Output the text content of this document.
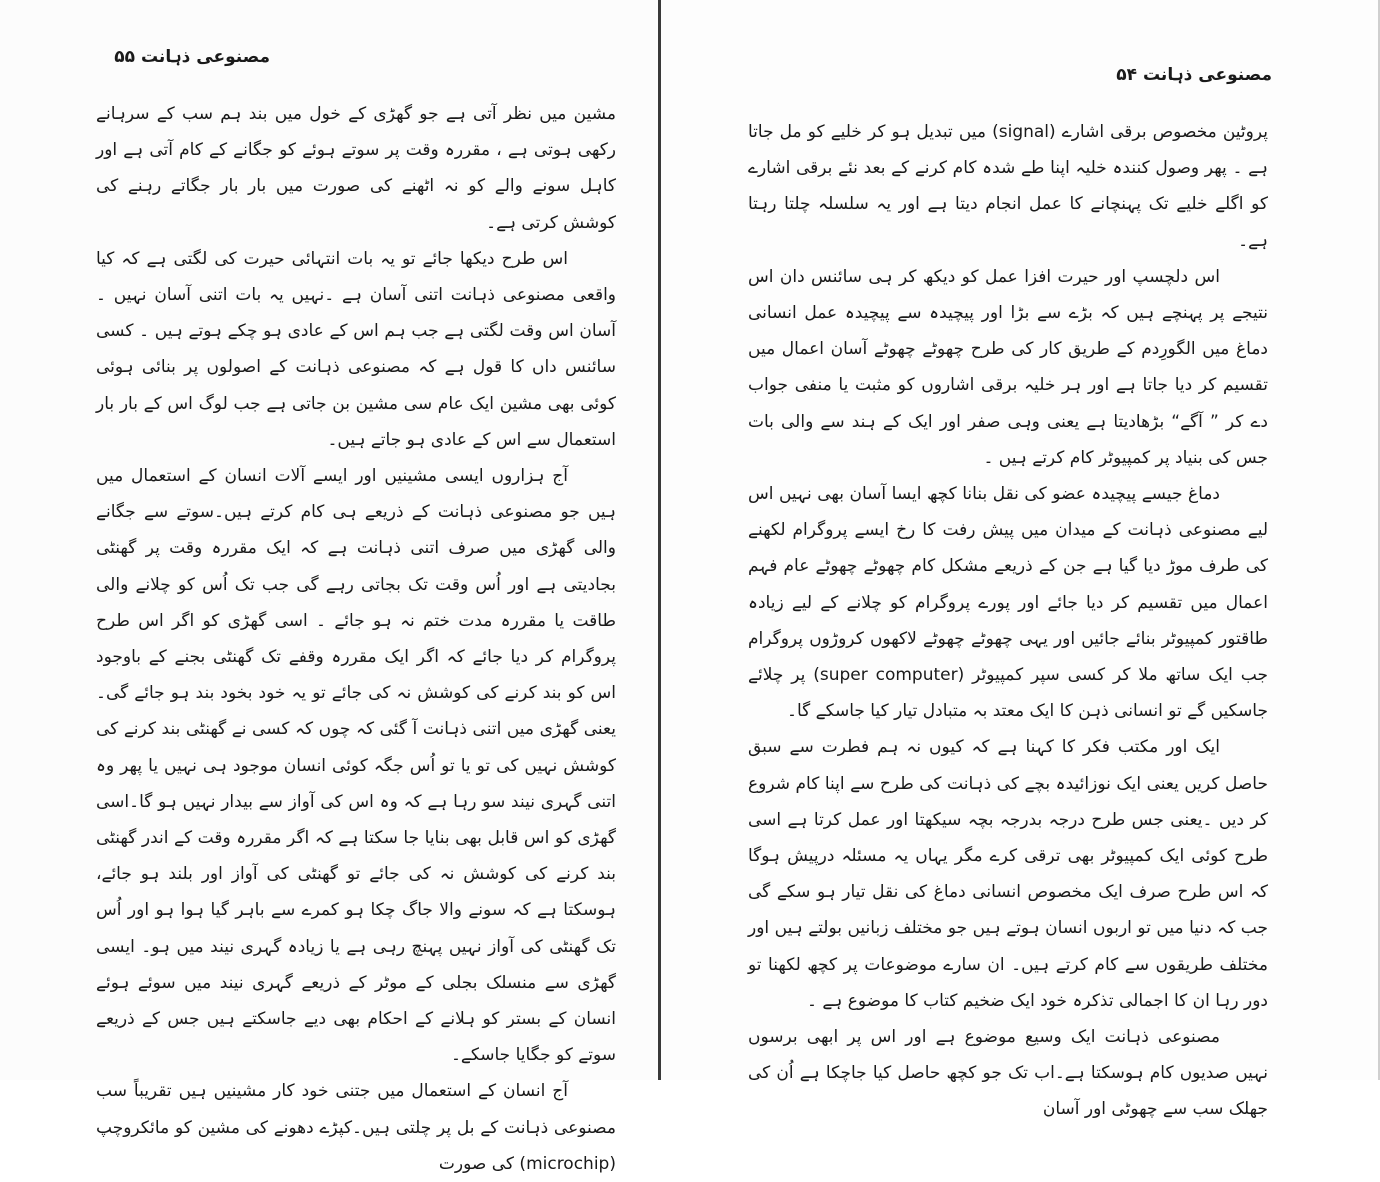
مصنوعی ذہانت ۵۵

مشین میں نظر آتی ہے جو گھڑی کے خول میں بند ہم سب کے سرہانے رکھی ہوتی ہے ، مقررہ وقت پر سوتے ہوئے کو جگانے کے کام آتی ہے اور کاہل سونے والے کو نہ اٹھنے کی صورت میں بار بار جگاتے رہنے کی کوشش کرتی ہے۔

اس طرح دیکھا جائے تو یہ بات انتہائی حیرت کی لگتی ہے کہ کیا واقعی مصنوعی ذہانت اتنی آسان ہے ۔نہیں یہ بات اتنی آسان نہیں ۔ آسان اس وقت لگتی ہے جب ہم اس کے عادی ہو چکے ہوتے ہیں ۔ کسی سائنس داں کا قول ہے کہ مصنوعی ذہانت کے اصولوں پر بنائی ہوئی کوئی بھی مشین ایک عام سی مشین بن جاتی ہے جب لوگ اس کے بار بار استعمال سے اس کے عادی ہو جاتے ہیں۔

آج ہزاروں ایسی مشینیں اور ایسے آلات انسان کے استعمال میں ہیں جو مصنوعی ذہانت کے ذریعے ہی کام کرتے ہیں۔سوتے سے جگانے والی گھڑی میں صرف اتنی ذہانت ہے کہ ایک مقررہ وقت پر گھنٹی بجادیتی ہے اور اُس وقت تک بجاتی رہے گی جب تک اُس کو چلانے والی طاقت یا مقررہ مدت ختم نہ ہو جائے ۔ اسی گھڑی کو اگر اس طرح پروگرام کر دیا جائے کہ اگر ایک مقررہ وقفے تک گھنٹی بجنے کے باوجود اس کو بند کرنے کی کوشش نہ کی جائے تو یہ خود بخود بند ہو جائے گی۔ یعنی گھڑی میں اتنی ذہانت آ گئی کہ چوں کہ کسی نے گھنٹی بند کرنے کی کوشش نہیں کی تو یا تو اُس جگہ کوئی انسان موجود ہی نہیں یا پھر وہ اتنی گہری نیند سو رہا ہے کہ وہ اس کی آواز سے بیدار نہیں ہو گا۔اسی گھڑی کو اس قابل بھی بنایا جا سکتا ہے کہ اگر مقررہ وقت کے اندر گھنٹی بند کرنے کی کوشش نہ کی جائے تو گھنٹی کی آواز اور بلند ہو جائے، ہوسکتا ہے کہ سونے والا جاگ چکا ہو کمرے سے باہر گیا ہوا ہو اور اُس تک گھنٹی کی آواز نہیں پہنچ رہی ہے یا زیادہ گہری نیند میں ہو۔ ایسی گھڑی سے منسلک بجلی کے موٹر کے ذریعے گہری نیند میں سوئے ہوئے انسان کے بستر کو ہلانے کے احکام بھی دیے جاسکتے ہیں جس کے ذریعے سوتے کو جگایا جاسکے۔

آج انسان کے استعمال میں جتنی خود کار مشینیں ہیں تقریباً سب مصنوعی ذہانت کے بل پر چلتی ہیں۔کپڑے دھونے کی مشین کو مائکروچپ (microchip) کی صورت

مصنوعی ذہانت ۵۴

پروٹین مخصوص برقی اشارے (signal) میں تبدیل ہو کر خلیے کو مل جاتا ہے ۔ پھر وصول کنندہ خلیہ اپنا طے شدہ کام کرنے کے بعد نئے برقی اشارے کو اگلے خلیے تک پہنچانے کا عمل انجام دیتا ہے اور یہ سلسلہ چلتا رہتا ہے۔

اس دلچسپ اور حیرت افزا عمل کو دیکھ کر ہی سائنس دان اس نتیجے پر پہنچے ہیں کہ بڑے سے بڑا اور پیچیدہ سے پیچیدہ عمل انسانی دماغ میں الگورِدم کے طریق کار کی طرح چھوٹے چھوٹے آسان اعمال میں تقسیم کر دیا جاتا ہے اور ہر خلیہ برقی اشاروں کو مثبت یا منفی جواب دے کر ” آگے“ بڑھادیتا ہے یعنی وہی صفر اور ایک کے ہند سے والی بات جس کی بنیاد پر کمپیوٹر کام کرتے ہیں ۔

دماغ جیسے پیچیدہ عضو کی نقل بنانا کچھ ایسا آسان بھی نہیں اس لیے مصنوعی ذہانت کے میدان میں پیش رفت کا رخ ایسے پروگرام لکھنے کی طرف موڑ دیا گیا ہے جن کے ذریعے مشکل کام چھوٹے چھوٹے عام فہم اعمال میں تقسیم کر دیا جائے اور پورے پروگرام کو چلانے کے لیے زیادہ طاقتور کمپیوٹر بنائے جائیں اور یہی چھوٹے چھوٹے لاکھوں کروڑوں پروگرام جب ایک ساتھ ملا کر کسی سپر کمپیوٹر (super computer) پر چلائے جاسکیں گے تو انسانی ذہن کا ایک معتد بہ متبادل تیار کیا جاسکے گا۔

ایک اور مکتب فکر کا کہنا ہے کہ کیوں نہ ہم فطرت سے سبق حاصل کریں یعنی ایک نوزائیدہ بچے کی ذہانت کی طرح سے اپنا کام شروع کر دیں ۔یعنی جس طرح درجہ بدرجہ بچہ سیکھتا اور عمل کرتا ہے اسی طرح کوئی ایک کمپیوٹر بھی ترقی کرے مگر یہاں یہ مسئلہ درپیش ہوگا کہ اس طرح صرف ایک مخصوص انسانی دماغ کی نقل تیار ہو سکے گی جب کہ دنیا میں تو اربوں انسان ہوتے ہیں جو مختلف زبانیں بولتے ہیں اور مختلف طریقوں سے کام کرتے ہیں۔ ان سارے موضوعات پر کچھ لکھنا تو دور رہا ان کا اجمالی تذکرہ خود ایک ضخیم کتاب کا موضوع ہے ۔

مصنوعی ذہانت ایک وسیع موضوع ہے اور اس پر ابھی برسوں نہیں صدیوں کام ہوسکتا ہے۔اب تک جو کچھ حاصل کیا جاچکا ہے اُن کی جھلک سب سے چھوٹی اور آسان
